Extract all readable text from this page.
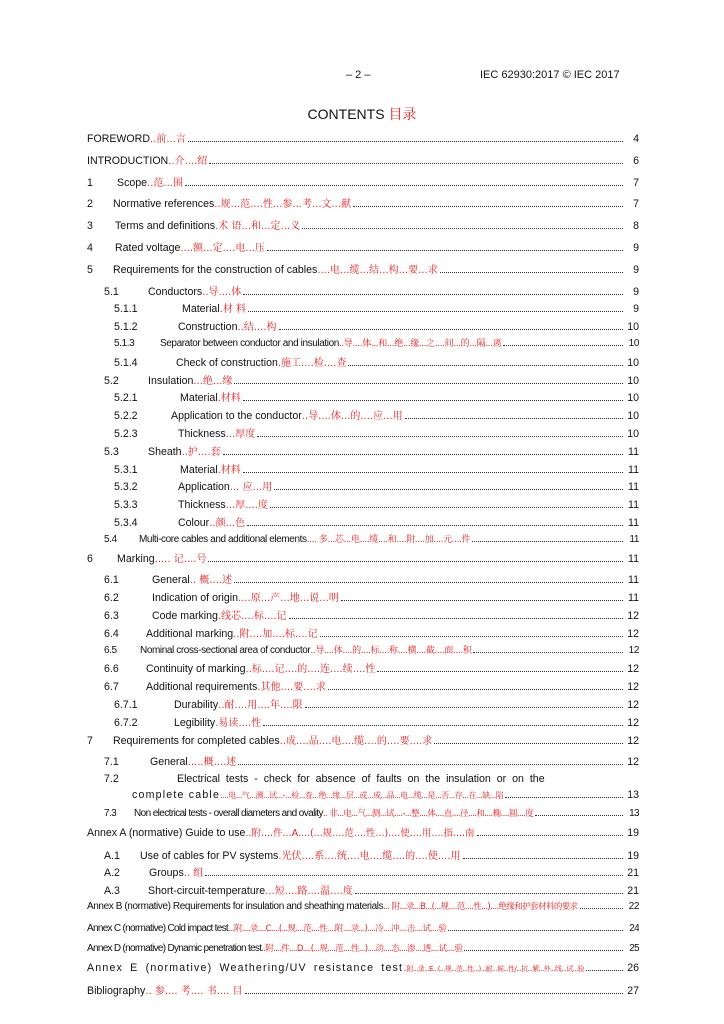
– 2 –	IEC 62930:2017 © IEC 2017
CONTENTS 目录
FOREWORD ..前...言	4
INTRODUCTION ..介....绍	6
1	Scope ..范...围	7
2	Normative references ..规...范....性...参...考...文...献	7
3	Terms and definitions .术 语...和...定...义	8
4	Rated voltage ....额...定....电...压	9
5	Requirements for the construction of cables ....电...缆...结...构...要...求	9
5.1	Conductors ..导....体	9
5.1.1	Material .材 料	9
5.1.2	Construction ..结....构	10
5.1.3	Separator between conductor and insulation ..导....体...和...绝...缘...之....间...的...隔...离	10
5.1.4	Check of construction .施工....检....查	10
5.2	Insulation ...绝...缘	10
5.2.1	Material .材料	10
5.2.2	Application to the conductor ..导....体...的....应...用	10
5.2.3	Thickness ...厚度	10
5.3	Sheath ..护....套	11
5.3.1	Material .材料	11
5.3.2	Application ... 应...用	11
5.3.3	Thickness ...厚....度	11
5.3.4	Colour ..颜...色	11
5.4	Multi-core cables and additional elements .... 多...芯...电....缆....和....附....加....元....件	11
6	Marking ..... 记....号	11
6.1	General .. 概....述	11
6.2	Indication of origin ....原...产...地...说...明	11
6.3	Code marking .线芯....标....记	12
6.4	Additional marking ..附....加....标....记	12
6.5	Nominal cross-sectional area of conductor ..导....体....的....标....称....横....截....面....积	12
6.6	Continuity of marking ..标....记....的....连....续....性	12
6.7	Additional requirements .其他....要....求	12
6.7.1	Durability ..耐....用....年....限	12
6.7.2	Legibility .易读....性	12
7	Requirements for completed cables ..成....品....电....缆....的....要....求	12
7.1	General .....概....述	12
7.2	Electrical tests - check for absence of faults on the insulation or on the
complete cable ....电...气...测...试...-...检...查...绝...缘...层...或...成...品...电...缆...是...否...存...在...缺...陷	13
7.3	Non electrical tests - overall diameters and ovality .. 非...电...气...测...试....-...整....体....直....径....和....椭....圆....度	13
Annex A (normative) Guide to use ..附....件...A....(...规....范....性...)....使....用....指....南	19
A.1	Use of cables for PV systems .光伏....系....统....电....缆....的....使....用	19
A.2	Groups .. 组	21
A.3	Short-circuit-temperature ...短....路....温....度	21
Annex B (normative) Requirements for insulation and sheathing materials ... 附...录...B...(...规....范....性...)....绝缘和护套材料的要求	22
Annex C (normative) Cold impact test ...附....录....C....(...规....范....性....附....录...)....冷....冲....击....试....验	24
Annex D (normative) Dynamic penetration test ..附....件....D....(...规....范....性...)....动....态....渗....透....试....验	25
Annex E (normative) Weathering/UV resistance test ..附...录...E...(...规...范...性...)...耐...候...性/...抗...紫...外...线...试...验	26
Bibliography .. 参.... 考.... 书.... 目	27
